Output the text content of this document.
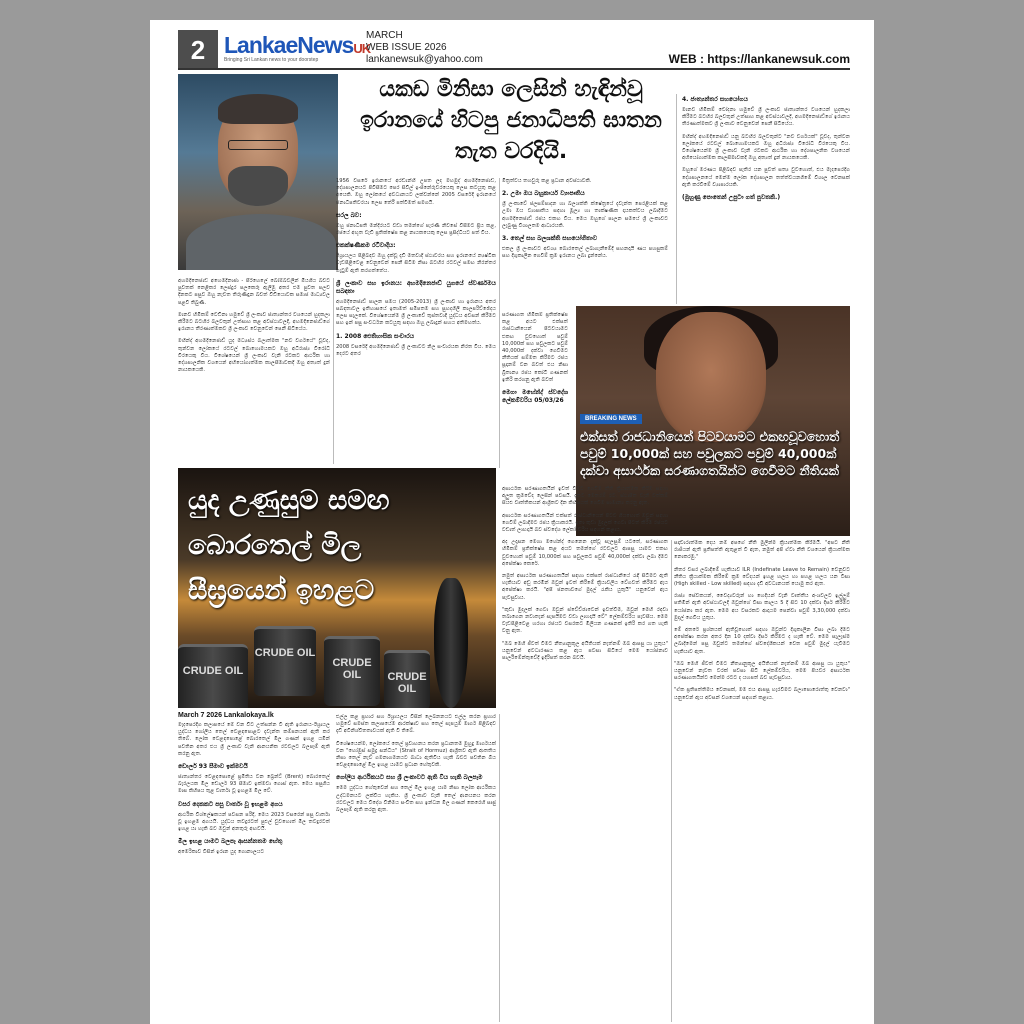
2 LankaeNewsUK
Bringing Sri Lankan news to your doorstep
MARCH
WEB ISSUE 2026
lankanewsuk@yahoo.com	WEB : https://lankanewsuk.com
යකඩ මිනිසා ලෙසින් හැඳින්වූ ඉරානයේ හිටපු ජනාධිපති ඝාතන තැත වරදියි.

අහමදිනෙජාඩ් අහෙමදිනාජා - පිරිහෙලේ බෝම්බවලින් මියගිය බවට පුවතක් නෙළිකර ලෙස්දුර පලකෙරූ ඇලිමු අතර එම පුවත පලව දිනකට පසුව ඔහු නැවත තිරුණිඳුන බවත් විඩියොවක සමාජ මාධ්‍යවල පළවී තිබුණි.

මානව හිමිකම් වෙඩිනා හමුවේ ශ්‍රී ලංකාව ජාත්‍යන්තර වශයෙන් හුදකලා කිරීමට බටහිර බලවතුන් උත්සාහ කළ අවස්ථාවලදී, අහමදිනෙජාඩ්ගේ ඉරානය තීරණාත්මකව ශ්‍රී ලංකාව වෙනුවෙන් පෙනී සිටියේය.

මහින්ද් අහමදිනෙජාඩ් යුද මධ්‍යස්ථ බලාත්මක "නව වර්ගයේ" වූවද, තුන්වන ලෝකයේ රටවල් බොහොමයකට ඔහු අධිරාජ්‍ය විරෝධී විරයෙකු විය. විශේෂයෙන් ශ්‍රී ලංකාව වැනි රටකට ආර්ථික හා දේශපාලනික වශයෙන් අභියෝගාත්මක කාලසීමාවකදී ඔහු අත්‍යත් දුන් නායකයෙකි.

1956 වසරේ ඉරානයේ අරඩාන්හි උපත ලද මහමුද් අහමදිනෙජාඩ්, දේශපාලනයට පිවිසීමට පෙර සිවිල් ඉංජිනේරුවරයෙකු ලෙස කටයුතු කළ අයෙකි. ඔහු ලෝකයේ අවධානයට ලක්වන්නේ 2005 වසරේදී ඉරානයේ ජනාධිපතිවරයා ලෙස තේරී පත්වීමත් සමගයි.

සරල බව:

ඔහු ජනාධිපති මන්දිරයට වඩා තමන්ගේ පැරණි නිවසේ විසීමට ප්‍රිය කළ, රජයේ අභූත වැඩි ප්‍රතික්ෂේප කළ නායකයෙකු ලෙස ප්‍රසිද්ධියට පත් විය.

එකක්ෂණිකම රටිවාදිය:

ඊශ්‍රායලය පිළිබඳව ඔහු දැක්වූ දැඩි මතවාදී ස්ථාවරය සහ ඉරානයේ න්‍යෂ්ටික වැඩපිළිවෙළ වෙනුවෙන් පෙනී සිටීම නිසා බටහිර රටවල් සමඟ නිරන්තර ගැටුම් ඇති කරගත්තේය.

ශ්‍රී ලංකාව සහ ඉරානය: අහමදිනෙජාඩ් යුගයේ ස්වර්ණමය සබඳතා

අහමදිනෙජාඩ් පාලන සමය (2005-2013) ශ්‍රී ලංකාව හා ඉරානය අතර සබඳතාවල ඉතිහාසයේ ඉතාමත් සමීපතම සහ සුහදශීලී කාලපරිච්ඡේදය ලෙස සැලකේ. විශේෂයෙන්ම ශ්‍රී ලංකාවේ තුස්තවාදී යුද්ධය අවසන් කිරීමට සහ ඉන් පසු සංවර්ධන කටයුතු සඳහා ඔහු ලබාදුන් සහය අතිමහත්ය.

1. 2008 ඓතිහාසික සංචාරය

2008 වසරේදී අහමදිනෙජාඩ් ශ්‍රී ලංකාවට නිල සංචාරයක නිරත විය. මෙය දෙරට අතර

මිත්‍රත්වය තහවුරු කළ ප්‍රධාන අවස්ථාවකි.

2. උමා ඔය බහුකාර්ය ව්‍යාපෘතිය

ශ්‍රී ලංකාවේ ජලසම්පාදන හා බලශක්ති ක්ෂේත්‍රයේ දැවැන්ත පෙරළියක් කළ උමා ඔය ව්‍යාපෘතිය සඳහා මූල්‍ය හා තාක්ෂණික දායකත්වය ලබාදීමට අහමදිනෙජාඩ් රජය එකඟ විය. මෙය ඔහුගේ පාලන සමයේ ශ්‍රී ලංකාවට ලැබුණු විශාලතම ආධාරයකි.

3. තෙල් සහ බලශක්ති සහයෝගිතාව

එකල ශ්‍රී ලංකාවට අවශ්‍ය බොරතෙල් ලබාගැනීමේදී සහනදායී ණය පහසුකම් සහ දිගුකාලීන ගෙවීම් ක්‍රම ඉරානය ලබා දුන්නේය.

4. ජාත්‍යන්තර සහයෝගය

මානව හිමිකම් චෝදනා හමුවේ ශ්‍රී ලංකාව ජාත්‍යන්තර වශයෙන් හුදකලා කිරීමට බටහිර බලවතුන් උත්සාහ කළ අවස්ථාවලදී, අහමදිනෙජාඩ්ගේ ඉරානය තීරණාත්මකව ශ්‍රී ලංකාව වෙනුවෙන් පෙනී සිටියේය.

මහින්ද් අහමදිනෙජාඩ් යනු බටහිර බලවතුන්ට "නව වර්ගයක්" වූවද, තුන්වන ලෝකයේ රටවල් බොහොමයකට ඔහු අධිරාජ්‍ය විරෝධී විරයෙකු විය. විශේෂයෙන්ම ශ්‍රී ලංකාව වැනි රටකට ආර්ථික හා දේශපාලනික වශයෙන් අභියෝගාත්මක කාලසීමාවකදී ඔහු අත්‍යත් දුන් නායකයෙකි.

ඔහුගේ මරණය පිළිබඳව පැතිර යන පුවත් සත්‍ය වුවහොත්, එය මැදපෙරදිග දේශපාලනයේ මෙන්ම ලෝක දේශපාලන තත්ත්වයනගිමේ විශාල වෙනසක් ඇති කරවීමේ ව්‍යාපාරයකි.

(මුහුණු පොතෙන් උපුටා ගත් පුවතකි.)
යුද උණුසුම සමඟ
බොරතෙල් මිල
සීඝ්‍රයෙන් ඉහළට
CRUDE OIL
CRUDE OIL
CRUDE OIL	CRUDE OIL
March 7 2026 Lankalokaya.lk

මැදපෙරදිග කලාපයේ මේ වන විට උත්සන්න වී ඇති ඉරානය-ඊශ්‍රායල යුද්ධය ගෝලීය තෙල් වෙළඳපොළට දැවැන්ත කම්පනයක් ඇති කර තිබේ. ලෝක වෙළඳපොළේ බොරතෙල් මිල ගණන් ඉහළ යමින් පවතින අතර එය ශ්‍රී ලංකාව වැනි ආනයනික රටවලට බලපෑම් ඇති කරනු ඇත.

ඩොලර් 93 සීමාව ඉක්මවයි

ජාත්‍යන්තර වෙළඳපොළේ ප්‍රමිතිය වන බ්‍රෙන්ට් (Brent) බොරතෙල් බැරලයක මිල ඩොලර් 93 සීමාව ඉක්මවා ගොස් ඇත. මෙය පසුගිය මාස කිහිපය තුළ වාර්තා වූ ඉහළම මිල වේ.

වසර දෙකකට පසු වාර්තා වූ ඉහළම අගය

ආර්ථික විශ්ලේෂකයන් පවසන පරිදි, මෙය 2023 වසරෙන් පසු වාර්තා වූ ඉහළම අගයයි. යුද්ධය තවදුරටත් පුළුල් වුවහොත් මිල තවදුරටත් ඉහළ යා හැකි බව ඔවුන් අනතුරු අඟවයි.

මිල ඉහළ යාමට බලපෑ ආසන්නතම හේතු

අමෙරිකාව විසින් ඉරාන යුද ගොනාලයට

එල්ල කළ ප්‍රහාර සහ ඊශ්‍රායලය විසින් ලෙබනනයට එල්ල කරන ප්‍රහාර හමුවේ සමස්ත කලාපයේම ආරක්ෂාව සහ තෙල් සැපයුම් මාර්ග පිළිබඳව දැඩි අවිනිශ්චිතතාවයක් ඇති වී තිබේ.

විශේෂයෙන්ම, ලෝකයේ තෙල් ප්‍රවාහනය කරන ප්‍රධානතම මුහුදු මාර්ගයක් වන "හෝමුස් සමුද්‍ර සන්ධිය" (Strait of Hormuz) ආශ්‍රිතව ඇති ආතතිය නිසා තෙල් නැව් ගමනාගමනයට බාධා ඇතිවිය හැකි බවට පවතින බිය වෙළඳපොළේ මිල ඉහළ යාමට ප්‍රධාන හේතුවකි.

ගෝලීය ආර්ථිකයට සහ ශ්‍රී ලංකාවට ඇති විය හැකි බලපෑම

මෙම යුද්ධය හේතුවෙන් සහ තෙල් මිල ඉහළ යාම නිසා ලෝක ආර්ථිකය උද්ධමනයට ලක්විය හැකිය. ශ්‍රී ලංකාව වැනි තෙල් ආනයනය කරන රටවලට මෙය විදේශ විනිමය සංචිත සහ ඉන්ධන මිල ගණන් කෙරෙහි සෘජු බලපෑම් ඇති කරනු ඇත.

සරණාගත හිමිකම් ප්‍රතික්ෂේප කළ අයට එක්සත් රාජධානියෙන් පිටවයාමට එකඟ වුවහොත් පවුම් 10,000ක් සහ පවුලකට පවුම් 40,000ක් දක්වා ගෙවීමට නීතියක් සම්මත කිරීමට රජය සූදානම් වන බවත් එය නිසා බ්‍රිතාන්‍ය රජය කෝටි ගණනක් ඉතිරි කරගනු ඇති බවත්

මෙගා මහේන්ද් ස්වදේශ ලේකම්වරිය 05/03/26
BREAKING NEWS
එක්සත් රාජධානියෙන් පිටවයාමට එකඟවූවහොත් පවුම් 10,000ක් සහ පවුලකට පවුම් 40,000ක් දක්වා අසාර්ථක සරණාගතයින්ට ගෙවීමට නීතියක්

අසාර්ථක සරණාගතයින් ඉවත් වීමට ගෙවීම නීති ක්‍රියාත්මක කිරීම සඳහා අලුත ක්‍රමවේද ලෙසින් පවසයි. දැනට මෙතරම් රට. ස්ථාපිත වැනි වත්කම් සියළු වෘත්තිකයන් ආශ්‍රිතව දින කිහිපයක් ගෙවීම සාමාන්‍ය කරනු ඇත.

අසාර්ථක සරණාගතයින් එක්සත් රාජධානියෙන් පිටව ගියහොත් ඔවුන් සඳහා ගෙවීම් ලබාදීමට රජය ක්‍රියාකරයි. ඉතා කුඩා මුදලක් ගෙවා පිටත් කිරීම රජයට වඩාත් ලාභදායී බව ස්වදේශ ලේකම්වරිය සඳහන් කළාය.

අද උදෑසන මෙගා මහේන්ද් ගෙනෙන දැක්වූ සැලසුම් යටතේ, සරණාගත හිමිකම් ප්‍රතික්ෂේප කළ අයට තමන්ගේ රටවලට ආපසු යාමට එකඟ වුවහොත් පවුම් 10,000ක් සහ පවුලකට පවුම් 40,000ක් දක්වා ලබා දීමට අපේක්ෂා කෙරේ.

නමුත් අසාර්ථක සරණාගතයින් සඳහා එක්සත් රාජධානියේ රැඳී සිටීමට ඇති හැකියාව අඩු කරමින් ඔවුන් ඉවත් කිරීමේ ක්‍රියාවලිය වේගවත් කිරීමට ඇය අපේක්ෂා කරයි. "අපි ජනතාවගේ මුදල් රැකිය යුතුයි" යනුවෙන් ඇය පැවසුවාය.

"කුඩා මුදලක් ගෙවා ඔවුන් ස්වේච්ඡාවෙන් ඉවත්වීම, ඔවුන් මෙහි රඳවා තබාගෙන නවාතැන් සැපයීමට වඩා ලාභදායී වේ" ලේකම්වරිය පැවසීය. මෙම වැඩපිළිවෙළ හරහා රජයට වසරකට මිලියන ගණනක් ඉතිරි කර ගත හැකි වනු ඇත.

"ඔබ මෙහි ජීවත් වීමට නීත්‍යානුකූල අයිතියක් නැත්නම් ඔබ ආපසු යා යුතුය" යනුවෙන් අවධාරණය කළ ඇය පවසා සිටියේ මෙම යෝජනාව පාර්ලිමේන්තුවේදී ඉදිරිපත් කරන බවයි.

සදාචාරාත්මක දෙය නම් අපගේ නීති මුලින්ම ක්‍රියාත්මක කිරීමයි. "අපට නීති රාජියන් ඇති ප්‍රතිපත්ති ඇතුළත් වී ඇත, නමුත් අපි ඒවා නීති වශයෙන් ක්‍රියාත්මක නොකරමු."

නිතර වසර ලබාදීමේ හැකියාව ILR (Indefinate Leave to Remain) වෙනුවට නීතිය ක්‍රියාත්මක කිරීමේ ක්‍රම වේදයන් ඉහළ හලය හා පහළ හලය යන වීසා (High skilled - Low skilled) සඳහා දැඩි අවධානයක් යොමු කර ඇත.

රාජ්‍ය සේවකයන්, වෛද්‍යවරුන් හා හෙදියන් වැනි වෘත්තීය අංශවලට ඉල්ලුම් පතිමින් ඇති අවස්ථාවලදී ඔවුන්ගේ වීසා කාලය 5 දී සිට 10 දක්වා දීර්ඝ කිරීමට යෝජනා කර ඇත. මෙම අය වසරකට ආදායම පෙන්වා පවුම් 3,30,000 දක්වා මුදල් ගෙවිය යුතුය.

මේ අතරේ ප්‍රශ්නයක් ඇතිවූහොත් සඳහා ඔවුන්ට දිගුකාලීන විසා ලබා දීමට අපේක්ෂා කරන අතර දින 10 දක්වා දීර්ඝ කිරීමට ද හැකි වේ. මෙම සැලැස්ම ලබාදීමෙන් පසු ඔවුන්ට තමන්ගේ ස්වදේශිකයන් වෙත පවුම් මුදල් යැවීමට හැකියාව ඇත.

"ඔබ මෙහි ජීවත් වීමට නීත්‍යානුකූල අයිතියක් නැත්නම් ඔබ ආපසු යා යුතුය" යනුවෙන් නැවත වරක් පවසා සිටි ලේකම්වරිය, මෙම පියවර අසාර්ථක සරණාගතයින්ට මෙන්ම රටට ද යහපත් බව පැවසුවාය.

"ඒක ප්‍රතිපත්තිමය වෙනසක්, මම එය ආපසු හැරවීමට බලාපොරොත්තු වෙනවා" යනුවෙන් ඇය අවසන් වශයෙන් සඳහන් කළාය.
